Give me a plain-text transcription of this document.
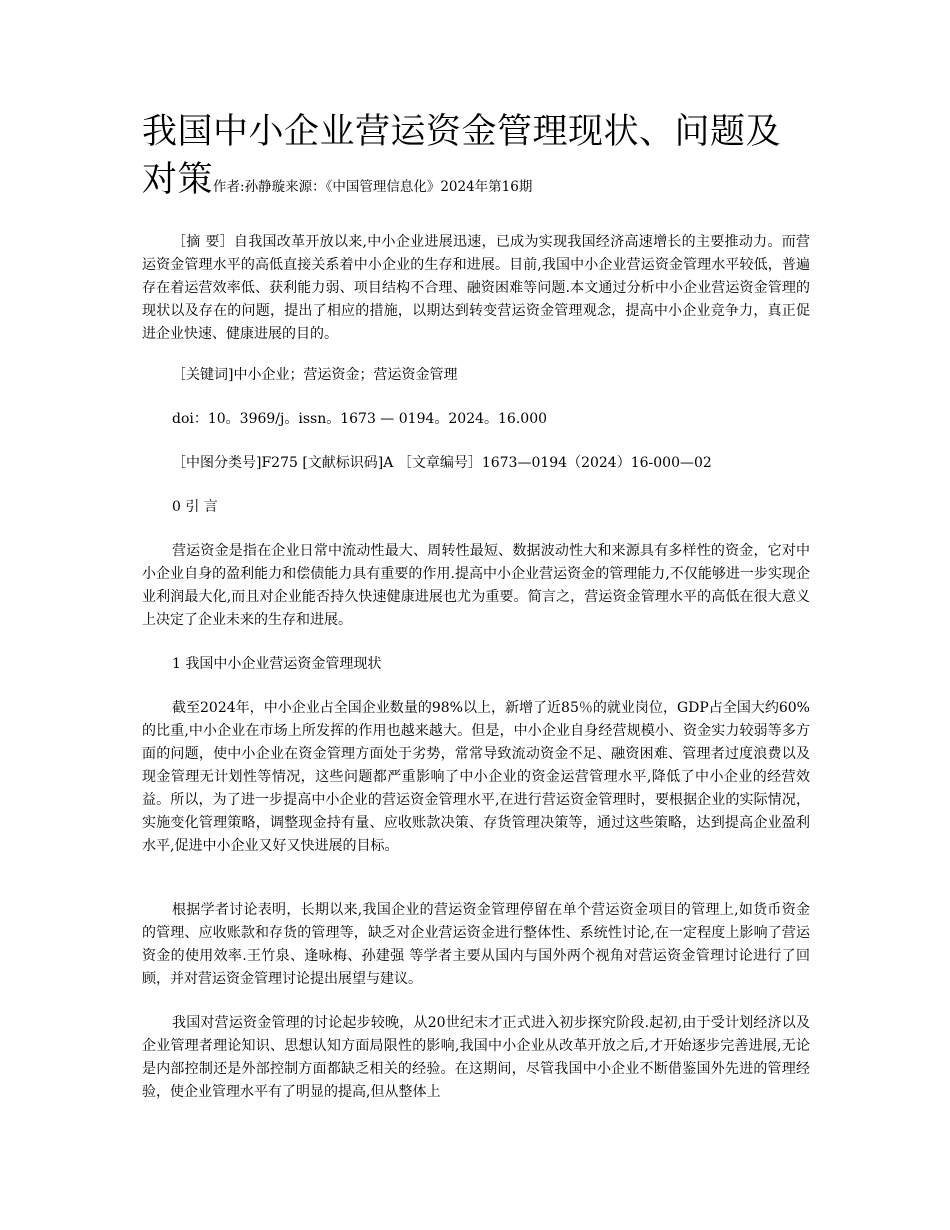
我国中小企业营运资金管理现状、问题及对策作者:孙静璇来源：《中国管理信息化》2024年第16期

［摘 要］自我国改革开放以来,中小企业进展迅速，已成为实现我国经济高速增长的主要推动力。而营运资金管理水平的高低直接关系着中小企业的生存和进展。目前,我国中小企业营运资金管理水平较低，普遍存在着运营效率低、获利能力弱、项目结构不合理、融资困难等问题.本文通过分析中小企业营运资金管理的现状以及存在的问题，提出了相应的措施，以期达到转变营运资金管理观念，提高中小企业竞争力，真正促进企业快速、健康进展的目的。

［关键词]中小企业；营运资金；营运资金管理

doi：10。3969/j。issn。1673 — 0194。2024。16.000

［中图分类号]F275 [文献标识码]A ［文章编号］1673—0194（2024）16-000—02

0 引 言

营运资金是指在企业日常中流动性最大、周转性最短、数据波动性大和来源具有多样性的资金，它对中小企业自身的盈利能力和偿债能力具有重要的作用.提高中小企业营运资金的管理能力,不仅能够进一步实现企业利润最大化,而且对企业能否持久快速健康进展也尤为重要。简言之，营运资金管理水平的高低在很大意义上决定了企业未来的生存和进展。

1 我国中小企业营运资金管理现状

截至2024年，中小企业占全国企业数量的98%以上，新增了近85％的就业岗位，GDP占全国大约60%的比重,中小企业在市场上所发挥的作用也越来越大。但是，中小企业自身经营规模小、资金实力较弱等多方面的问题，使中小企业在资金管理方面处于劣势，常常导致流动资金不足、融资困难、管理者过度浪费以及现金管理无计划性等情况，这些问题都严重影响了中小企业的资金运营管理水平,降低了中小企业的经营效益。所以，为了进一步提高中小企业的营运资金管理水平,在进行营运资金管理时，要根据企业的实际情况，实施变化管理策略，调整现金持有量、应收账款决策、存货管理决策等，通过这些策略，达到提高企业盈利水平,促进中小企业又好又快进展的目标。

根据学者讨论表明，长期以来,我国企业的营运资金管理停留在单个营运资金项目的管理上,如货币资金的管理、应收账款和存货的管理等，缺乏对企业营运资金进行整体性、系统性讨论,在一定程度上影响了营运资金的使用效率.王竹泉、逢咏梅、孙建强 等学者主要从国内与国外两个视角对营运资金管理讨论进行了回顾，并对营运资金管理讨论提出展望与建议。

我国对营运资金管理的讨论起步较晚，从20世纪末才正式进入初步探究阶段.起初,由于受计划经济以及企业管理者理论知识、思想认知方面局限性的影响,我国中小企业从改革开放之后,才开始逐步完善进展,无论是内部控制还是外部控制方面都缺乏相关的经验。在这期间，尽管我国中小企业不断借鉴国外先进的管理经验，使企业管理水平有了明显的提高,但从整体上
